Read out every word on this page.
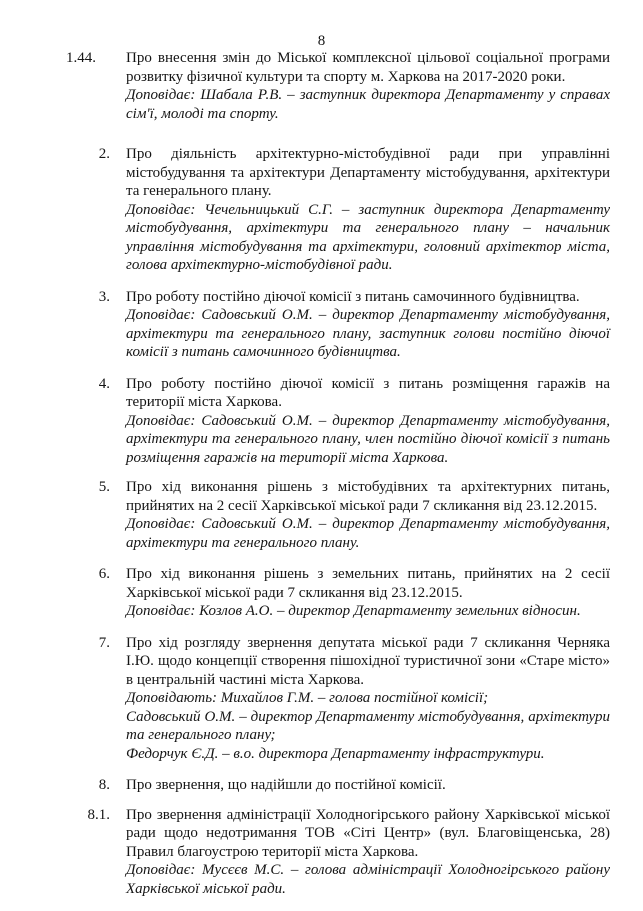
8
1.44. Про внесення змін до Міської комплексної цільової соціальної програми розвитку фізичної культури та спорту м. Харкова на 2017-2020 роки.
Доповідає: Шабала Р.В. – заступник директора Департаменту у справах сім'ї, молоді та спорту.
2. Про діяльність архітектурно-містобудівної ради при управлінні містобудування та архітектури Департаменту містобудування, архітектури та генерального плану.
Доповідає: Чечельницький С.Г. – заступник директора Департаменту містобудування, архітектури та генерального плану – начальник управління містобудування та архітектури, головний архітектор міста, голова архітектурно-містобудівної ради.
3. Про роботу постійно діючої комісії з питань самочинного будівництва.
Доповідає: Садовський О.М. – директор Департаменту містобудування, архітектури та генерального плану, заступник голови постійно діючої комісії з питань самочинного будівництва.
4. Про роботу постійно діючої комісії з питань розміщення гаражів на території міста Харкова.
Доповідає: Садовський О.М. – директор Департаменту містобудування, архітектури та генерального плану, член постійно діючої комісії з питань розміщення гаражів на території міста Харкова.
5. Про хід виконання рішень з містобудівних та архітектурних питань, прийнятих на 2 сесії Харківської міської ради 7 скликання від 23.12.2015.
Доповідає: Садовський О.М. – директор Департаменту містобудування, архітектури та генерального плану.
6. Про хід виконання рішень з земельних питань, прийнятих на 2 сесії Харківської міської ради 7 скликання від 23.12.2015.
Доповідає: Козлов А.О. – директор Департаменту земельних відносин.
7. Про хід розгляду звернення депутата міської ради 7 скликання Черняка І.Ю. щодо концепції створення пішохідної туристичної зони «Старе місто» в центральній частині міста Харкова.
Доповідають: Михайлов Г.М. – голова постійної комісії;
Садовський О.М. – директор Департаменту містобудування, архітектури та генерального плану;
Федорчук Є.Д. – в.о. директора Департаменту інфраструктури.
8. Про звернення, що надійшли до постійної комісії.
8.1. Про звернення адміністрації Холодногірського району Харківської міської ради щодо недотримання ТОВ «Сіті Центр» (вул. Благовіщенська, 28) Правил благоустрою території міста Харкова.
Доповідає: Мусєєв М.С. – голова адміністрації Холодногірського району Харківської міської ради.
